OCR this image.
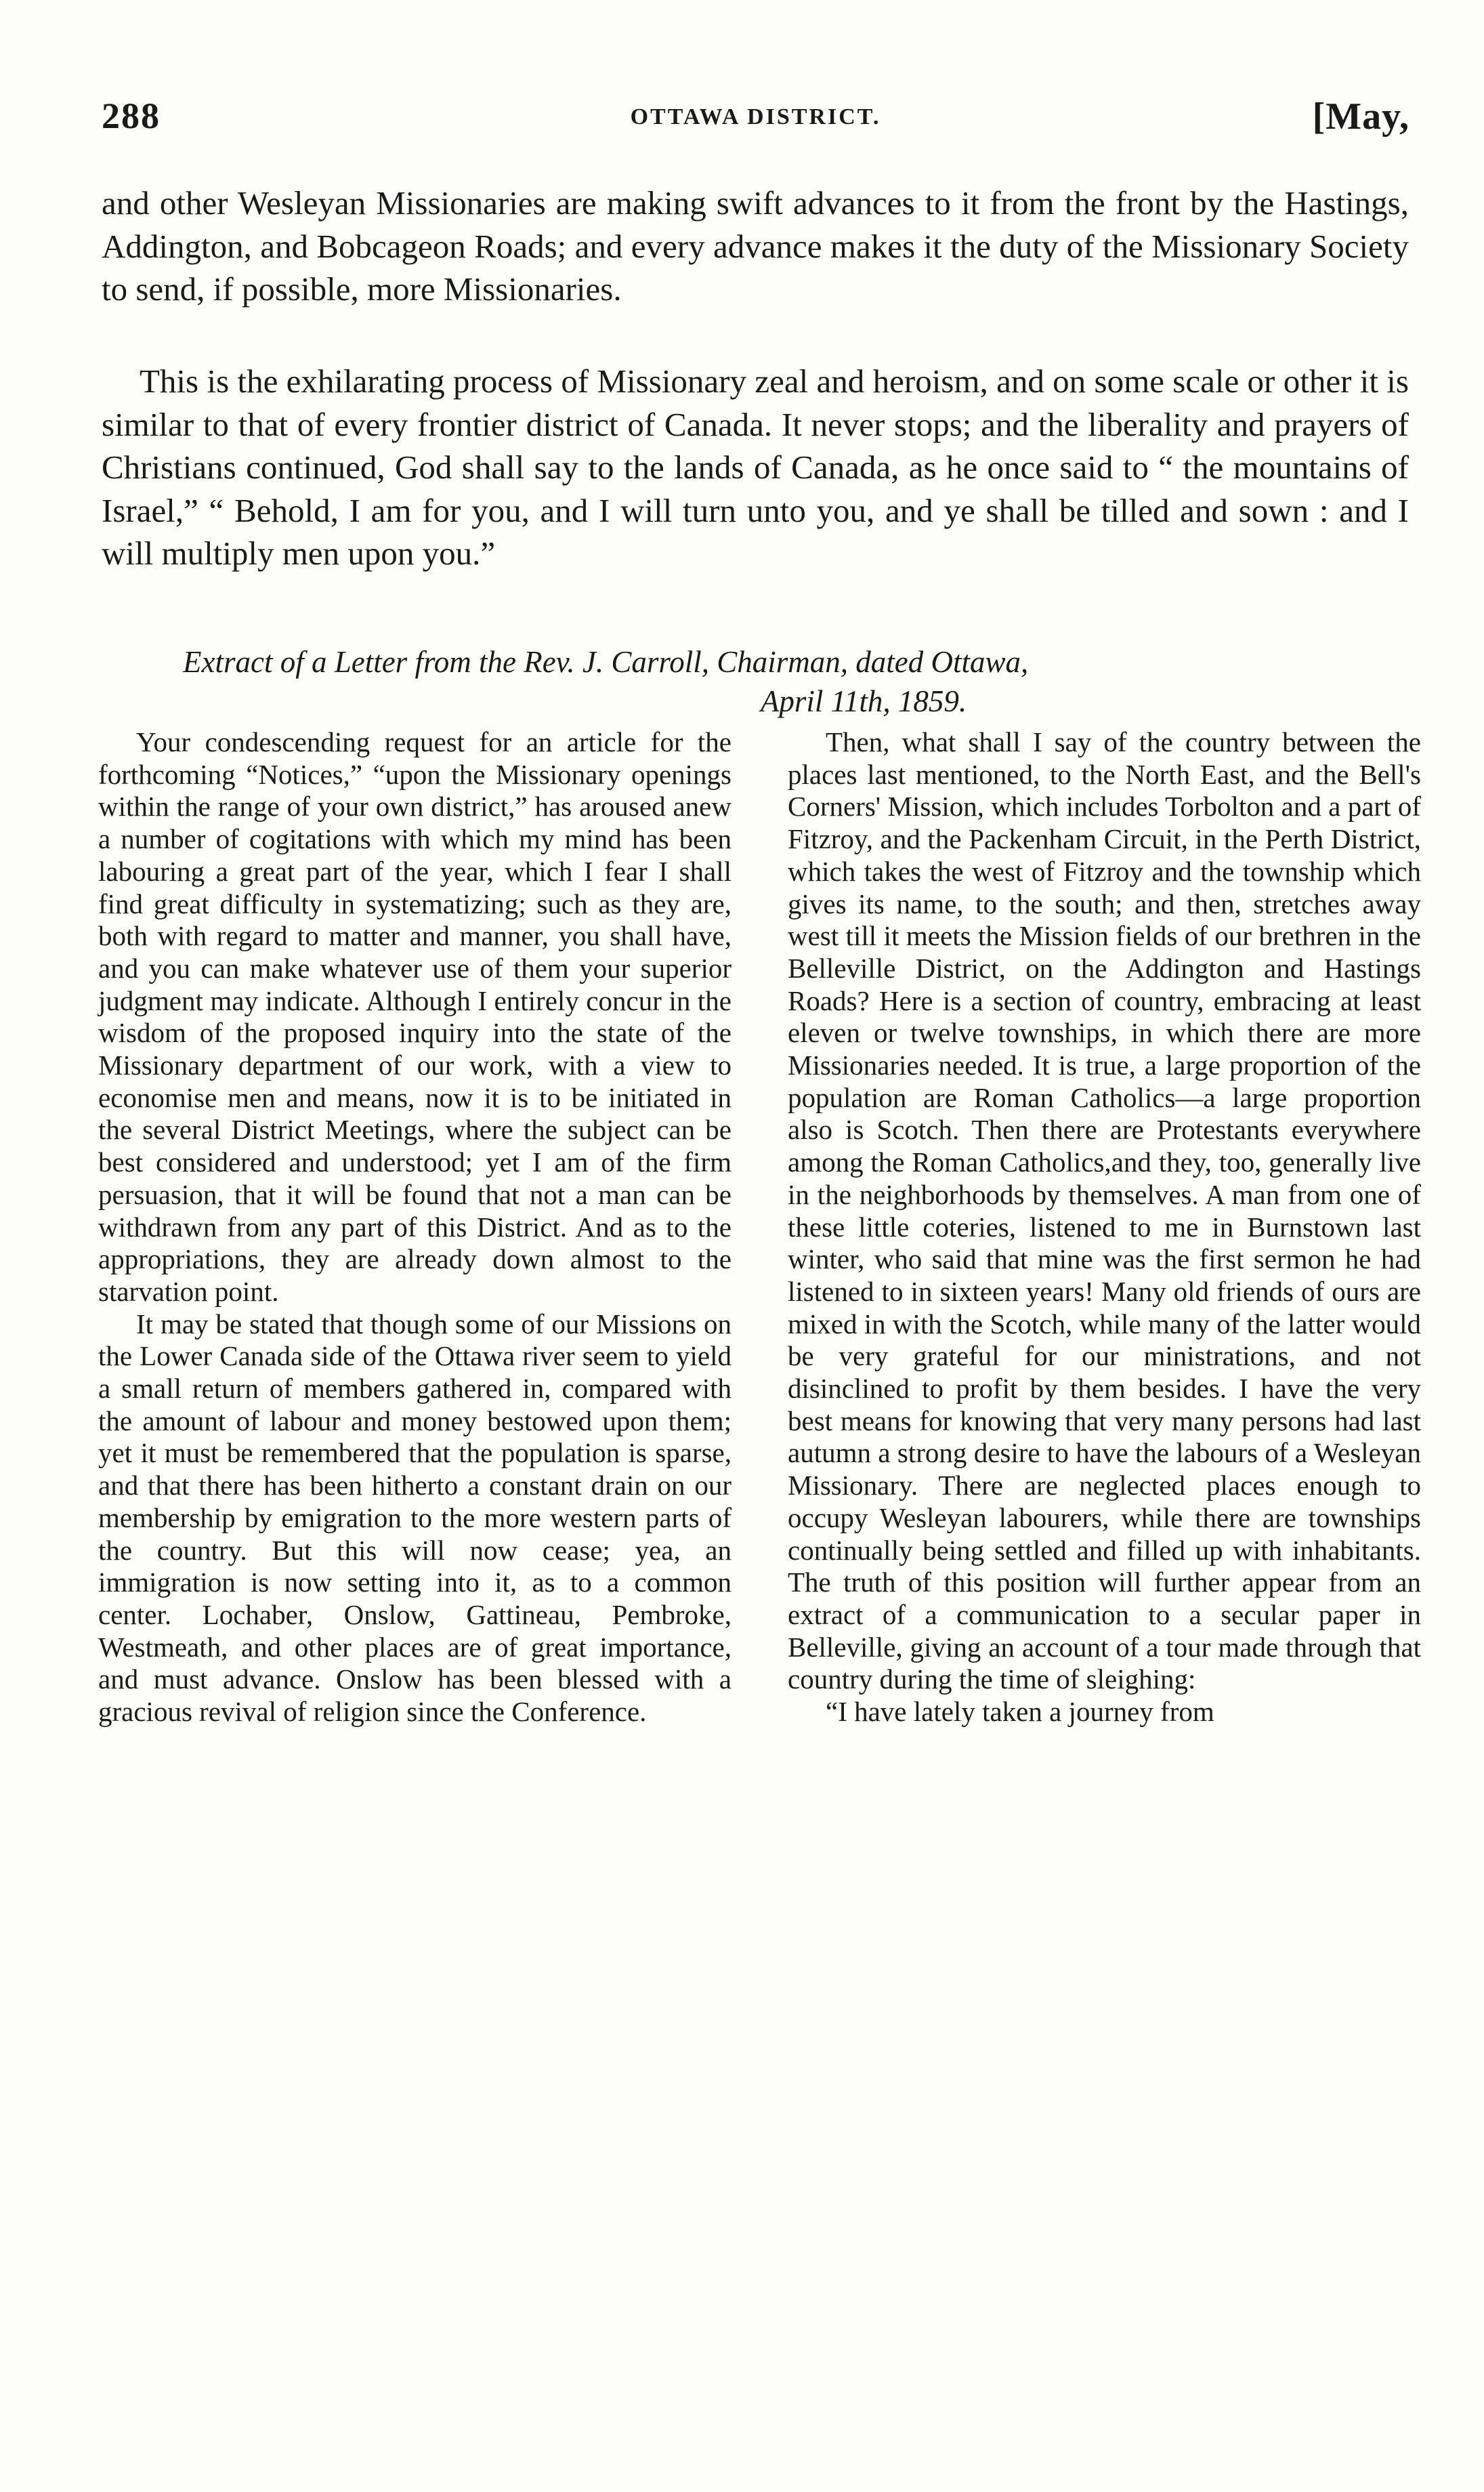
288	OTTAWA DISTRICT.	[May,

and other Wesleyan Missionaries are making swift advances to it from the front by the Hastings, Addington, and Bobcageon Roads; and every advance makes it the duty of the Missionary Society to send, if possible, more Missionaries.

This is the exhilarating process of Missionary zeal and heroism, and on some scale or other it is similar to that of every frontier district of Canada. It never stops; and the liberality and prayers of Christians continued, God shall say to the lands of Canada, as he once said to “ the mountains of Israel,” “ Behold, I am for you, and I will turn unto you, and ye shall be tilled and sown : and I will multiply men upon you.”

Extract of a Letter from the Rev. J. Carroll, Chairman, dated Ottawa,
April 11th, 1859.

Your condescending request for an article for the forthcoming “Notices,” “upon the Missionary openings within the range of your own district,” has aroused anew a number of cogitations with which my mind has been labouring a great part of the year, which I fear I shall find great difficulty in systematizing; such as they are, both with regard to matter and manner, you shall have, and you can make whatever use of them your superior judgment may indicate. Although I entirely concur in the wisdom of the proposed inquiry into the state of the Missionary department of our work, with a view to economise men and means, now it is to be initiated in the several District Meetings, where the subject can be best considered and understood; yet I am of the firm persuasion, that it will be found that not a man can be withdrawn from any part of this District. And as to the appropriations, they are already down almost to the starvation point.

It may be stated that though some of our Missions on the Lower Canada side of the Ottawa river seem to yield a small return of members gathered in, compared with the amount of labour and money bestowed upon them; yet it must be remembered that the population is sparse, and that there has been hitherto a constant drain on our membership by emigration to the more western parts of the country. But this will now cease; yea, an immigration is now setting into it, as to a common center. Lochaber, Onslow, Gattineau, Pembroke, Westmeath, and other places are of great importance, and must advance. Onslow has been blessed with a gracious revival of religion since the Conference.

Then, what shall I say of the country between the places last mentioned, to the North East, and the Bell's Corners' Mission, which includes Torbolton and a part of Fitzroy, and the Packenham Circuit, in the Perth District, which takes the west of Fitzroy and the township which gives its name, to the south; and then, stretches away west till it meets the Mission fields of our brethren in the Belleville District, on the Addington and Hastings Roads? Here is a section of country, embracing at least eleven or twelve townships, in which there are more Missionaries needed. It is true, a large proportion of the population are Roman Catholics—a large proportion also is Scotch. Then there are Protestants everywhere among the Roman Catholics,and they, too, generally live in the neighborhoods by themselves. A man from one of these little coteries, listened to me in Burnstown last winter, who said that mine was the first sermon he had listened to in sixteen years! Many old friends of ours are mixed in with the Scotch, while many of the latter would be very grateful for our ministrations, and not disinclined to profit by them besides. I have the very best means for knowing that very many persons had last autumn a strong desire to have the labours of a Wesleyan Missionary. There are neglected places enough to occupy Wesleyan labourers, while there are townships continually being settled and filled up with inhabitants. The truth of this position will further appear from an extract of a communication to a secular paper in Belleville, giving an account of a tour made through that country during the time of sleighing:

“I have lately taken a journey from
